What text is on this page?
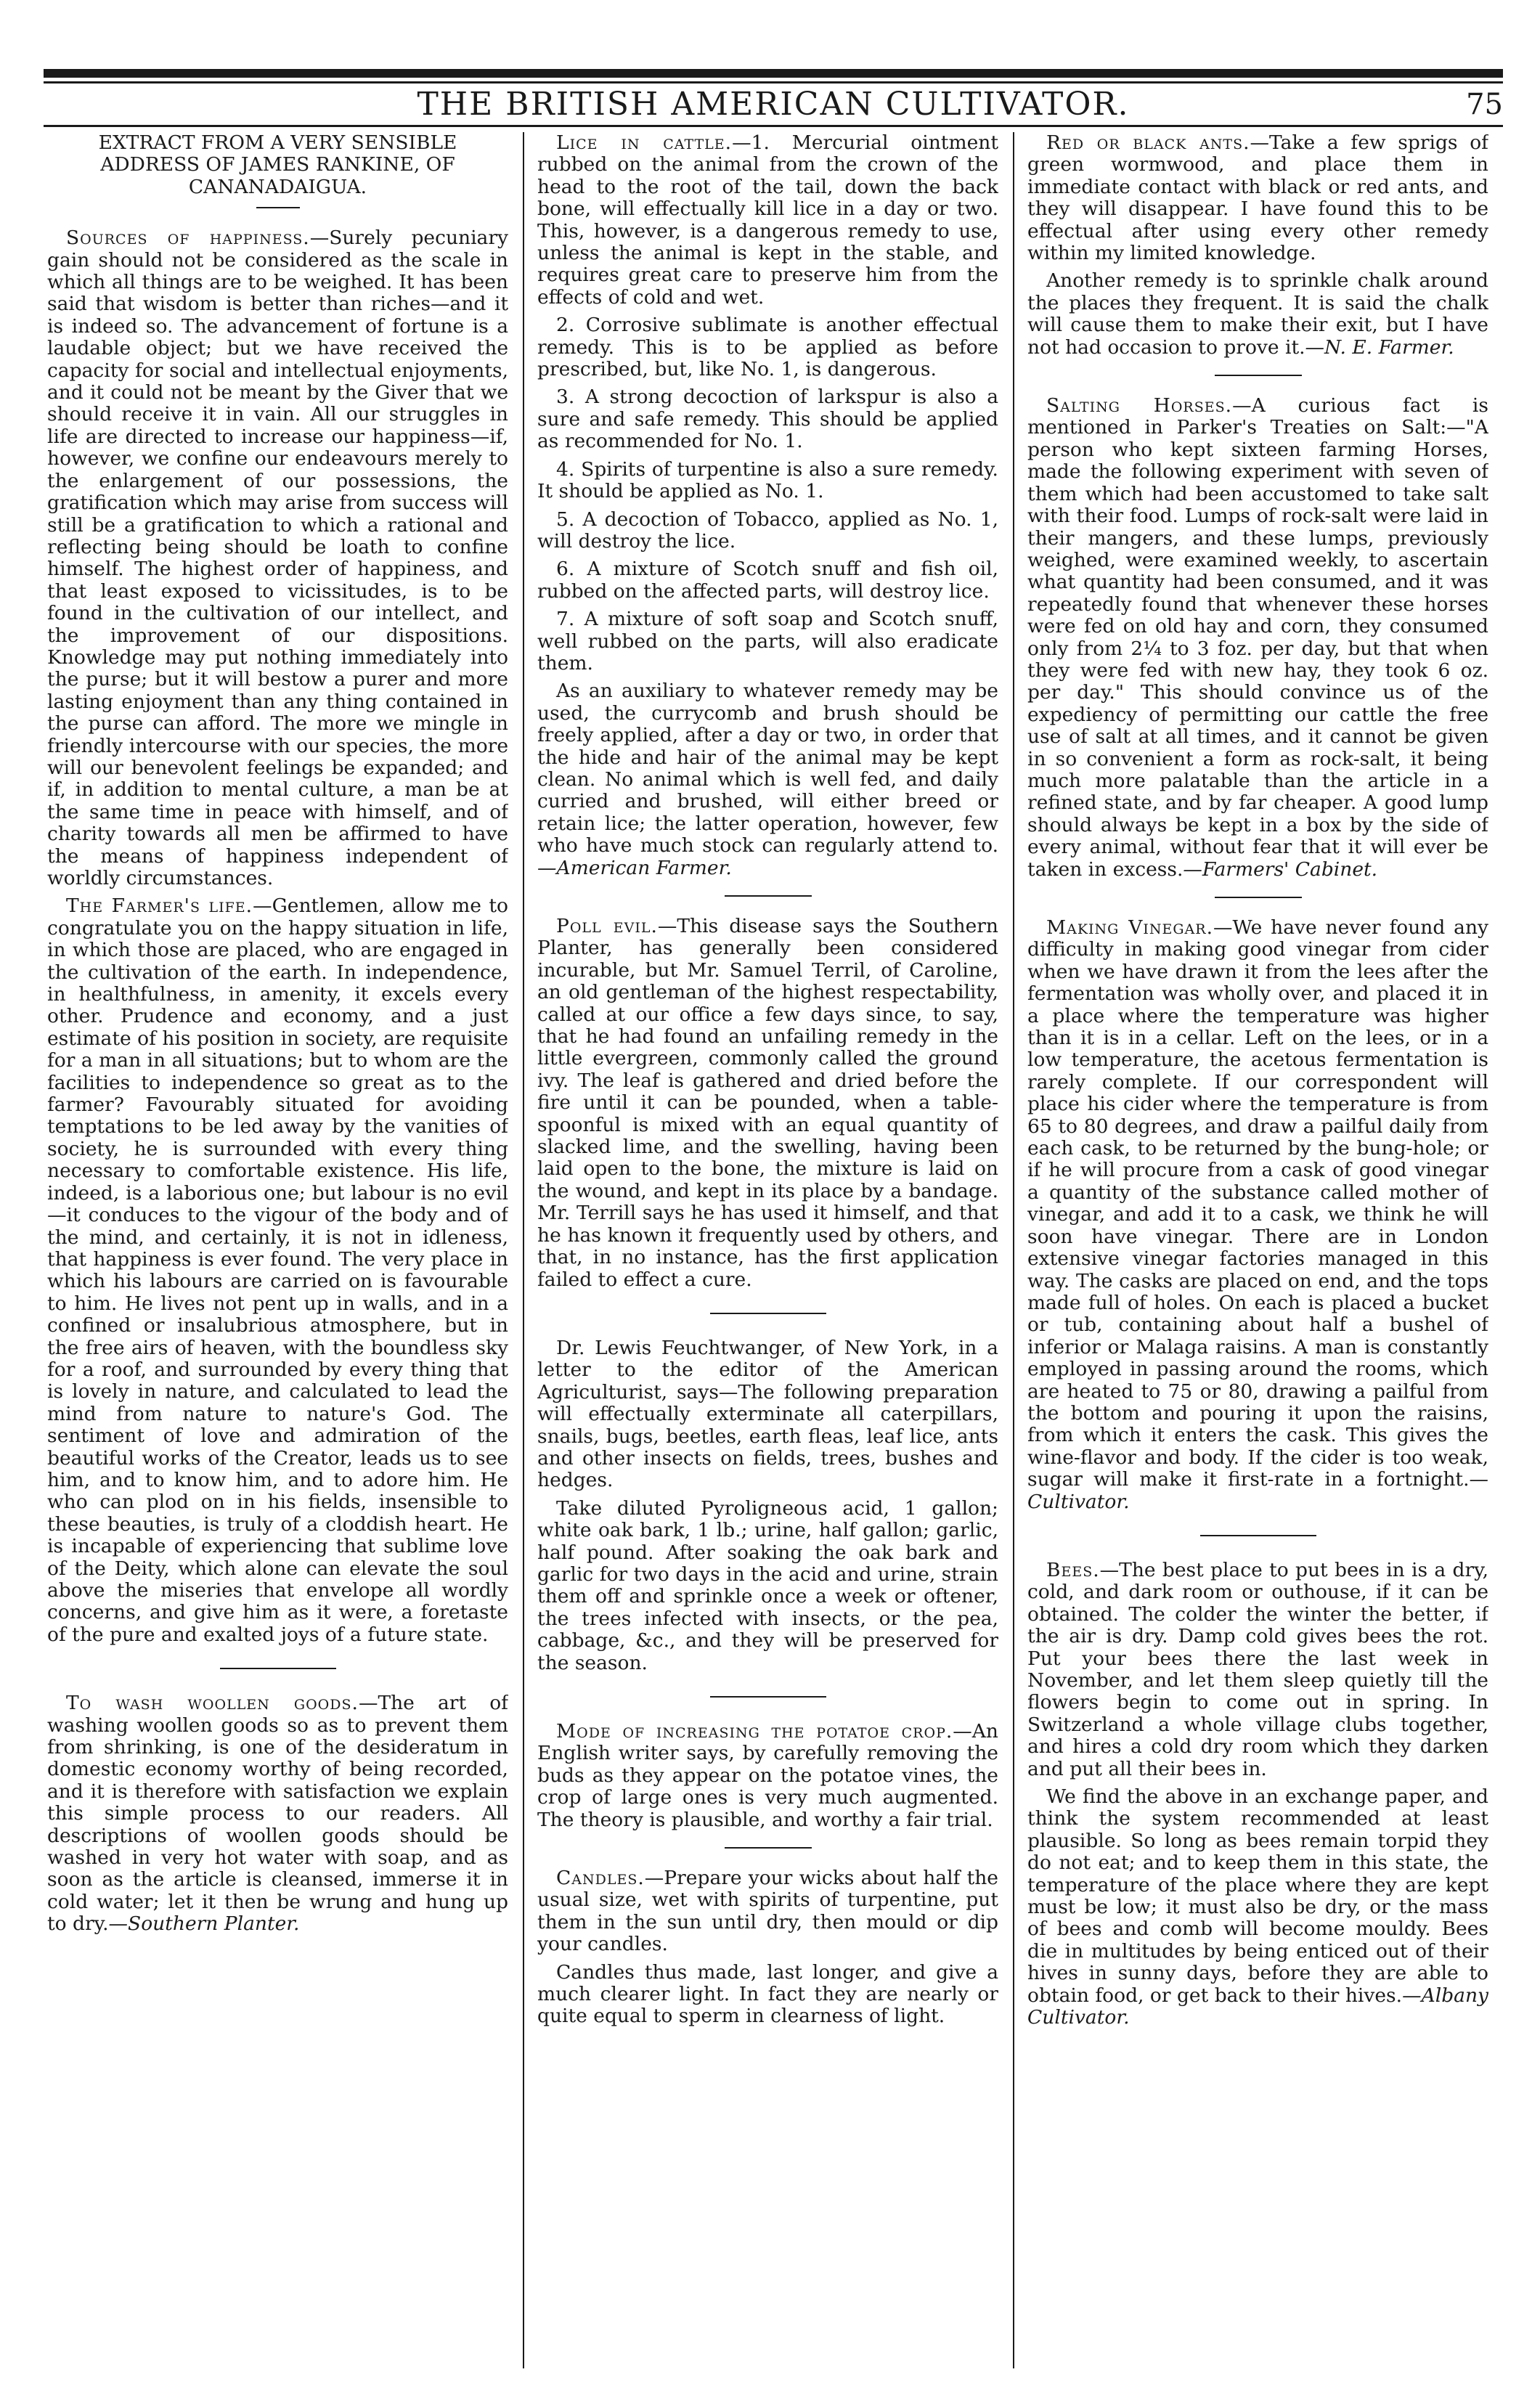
THE BRITISH AMERICAN CULTIVATOR.	75
EXTRACT FROM A VERY SENSIBLE ADDRESS OF JAMES RANKINE, OF CANANADAIGUA.

Sources of happiness.—Surely pecuniary gain should not be considered as the scale in which all things are to be weighed. It has been said that wisdom is better than riches—and it is indeed so. The advancement of fortune is a laudable object; but we have received the capacity for social and intellectual enjoyments, and it could not be meant by the Giver that we should receive it in vain. All our struggles in life are directed to increase our happiness—if, however, we confine our endeavours merely to the enlargement of our possessions, the gratification which may arise from success will still be a gratification to which a rational and reflecting being should be loath to confine himself. The highest order of happiness, and that least exposed to vicissitudes, is to be found in the cultivation of our intellect, and the improvement of our dispositions. Knowledge may put nothing immediately into the purse; but it will bestow a purer and more lasting enjoyment than any thing contained in the purse can afford. The more we mingle in friendly intercourse with our species, the more will our benevolent feelings be expanded; and if, in addition to mental culture, a man be at the same time in peace with himself, and of charity towards all men be affirmed to have the means of happiness independent of worldly circumstances.

The Farmer's life.—Gentlemen, allow me to congratulate you on the happy situation in life, in which those are placed, who are engaged in the cultivation of the earth. In independence, in healthfulness, in amenity, it excels every other. Prudence and economy, and a just estimate of his position in society, are requisite for a man in all situations; but to whom are the facilities to independence so great as to the farmer? Favourably situated for avoiding temptations to be led away by the vanities of society, he is surrounded with every thing necessary to comfortable existence. His life, indeed, is a laborious one; but labour is no evil—it conduces to the vigour of the body and of the mind, and certainly, it is not in idleness, that happiness is ever found. The very place in which his labours are carried on is favourable to him. He lives not pent up in walls, and in a confined or insalubrious atmosphere, but in the free airs of heaven, with the boundless sky for a roof, and surrounded by every thing that is lovely in nature, and calculated to lead the mind from nature to nature's God. The sentiment of love and admiration of the beautiful works of the Creator, leads us to see him, and to know him, and to adore him. He who can plod on in his fields, insensible to these beauties, is truly of a cloddish heart. He is incapable of experiencing that sublime love of the Deity, which alone can elevate the soul above the miseries that envelope all wordly concerns, and give him as it were, a foretaste of the pure and exalted joys of a future state.

To wash woollen goods.—The art of washing woollen goods so as to prevent them from shrinking, is one of the desideratum in domestic economy worthy of being recorded, and it is therefore with satisfaction we explain this simple process to our readers. All descriptions of woollen goods should be washed in very hot water with soap, and as soon as the article is cleansed, immerse it in cold water; let it then be wrung and hung up to dry.—Southern Planter.

Lice in cattle.—1. Mercurial ointment rubbed on the animal from the crown of the head to the root of the tail, down the back bone, will effectually kill lice in a day or two. This, however, is a dangerous remedy to use, unless the animal is kept in the stable, and requires great care to preserve him from the effects of cold and wet.

2. Corrosive sublimate is another effectual remedy. This is to be applied as before prescribed, but, like No. 1, is dangerous.

3. A strong decoction of larkspur is also a sure and safe remedy. This should be applied as recommended for No. 1.

4. Spirits of turpentine is also a sure remedy. It should be applied as No. 1.

5. A decoction of Tobacco, applied as No. 1, will destroy the lice.

6. A mixture of Scotch snuff and fish oil, rubbed on the affected parts, will destroy lice.

7. A mixture of soft soap and Scotch snuff, well rubbed on the parts, will also eradicate them.

As an auxiliary to whatever remedy may be used, the currycomb and brush should be freely applied, after a day or two, in order that the hide and hair of the animal may be kept clean. No animal which is well fed, and daily curried and brushed, will either breed or retain lice; the latter operation, however, few who have much stock can regularly attend to.—American Farmer.

Poll evil.—This disease says the Southern Planter, has generally been considered incurable, but Mr. Samuel Terril, of Caroline, an old gentleman of the highest respectability, called at our office a few days since, to say, that he had found an unfailing remedy in the little evergreen, commonly called the ground ivy. The leaf is gathered and dried before the fire until it can be pounded, when a table-spoonful is mixed with an equal quantity of slacked lime, and the swelling, having been laid open to the bone, the mixture is laid on the wound, and kept in its place by a bandage. Mr. Terrill says he has used it himself, and that he has known it frequently used by others, and that, in no instance, has the first application failed to effect a cure.

Dr. Lewis Feuchtwanger, of New York, in a letter to the editor of the American Agriculturist, says—The following preparation will effectually exterminate all caterpillars, snails, bugs, beetles, earth fleas, leaf lice, ants and other insects on fields, trees, bushes and hedges.

Take diluted Pyroligneous acid, 1 gallon; white oak bark, 1 lb.; urine, half gallon; garlic, half pound. After soaking the oak bark and garlic for two days in the acid and urine, strain them off and sprinkle once a week or oftener, the trees infected with insects, or the pea, cabbage, &c., and they will be preserved for the season.

Mode of increasing the potatoe crop.—An English writer says, by carefully removing the buds as they appear on the potatoe vines, the crop of large ones is very much augmented. The theory is plausible, and worthy a fair trial.

Candles.—Prepare your wicks about half the usual size, wet with spirits of turpentine, put them in the sun until dry, then mould or dip your candles.

Candles thus made, last longer, and give a much clearer light. In fact they are nearly or quite equal to sperm in clearness of light.

Red or black ants.—Take a few sprigs of green wormwood, and place them in immediate contact with black or red ants, and they will disappear. I have found this to be effectual after using every other remedy within my limited knowledge.

Another remedy is to sprinkle chalk around the places they frequent. It is said the chalk will cause them to make their exit, but I have not had occasion to prove it.—N. E. Farmer.

Salting Horses.—A curious fact is mentioned in Parker's Treaties on Salt:—"A person who kept sixteen farming Horses, made the following experiment with seven of them which had been accustomed to take salt with their food. Lumps of rock-salt were laid in their mangers, and these lumps, previously weighed, were examined weekly, to ascertain what quantity had been consumed, and it was repeatedly found that whenever these horses were fed on old hay and corn, they consumed only from 2¼ to 3 foz. per day, but that when they were fed with new hay, they took 6 oz. per day." This should convince us of the expediency of permitting our cattle the free use of salt at all times, and it cannot be given in so convenient a form as rock-salt, it being much more palatable than the article in a refined state, and by far cheaper. A good lump should always be kept in a box by the side of every animal, without fear that it will ever be taken in excess.—Farmers' Cabinet.

Making Vinegar.—We have never found any difficulty in making good vinegar from cider when we have drawn it from the lees after the fermentation was wholly over, and placed it in a place where the temperature was higher than it is in a cellar. Left on the lees, or in a low temperature, the acetous fermentation is rarely complete. If our correspondent will place his cider where the temperature is from 65 to 80 degrees, and draw a pailful daily from each cask, to be returned by the bung-hole; or if he will procure from a cask of good vinegar a quantity of the substance called mother of vinegar, and add it to a cask, we think he will soon have vinegar. There are in London extensive vinegar factories managed in this way. The casks are placed on end, and the tops made full of holes. On each is placed a bucket or tub, containing about half a bushel of inferior or Malaga raisins. A man is constantly employed in passing around the rooms, which are heated to 75 or 80, drawing a pailful from the bottom and pouring it upon the raisins, from which it enters the cask. This gives the wine-flavor and body. If the cider is too weak, sugar will make it first-rate in a fortnight.—Cultivator.

Bees.—The best place to put bees in is a dry, cold, and dark room or outhouse, if it can be obtained. The colder the winter the better, if the air is dry. Damp cold gives bees the rot. Put your bees there the last week in November, and let them sleep quietly till the flowers begin to come out in spring. In Switzerland a whole village clubs together, and hires a cold dry room which they darken and put all their bees in.

We find the above in an exchange paper, and think the system recommended at least plausible. So long as bees remain torpid they do not eat; and to keep them in this state, the temperature of the place where they are kept must be low; it must also be dry, or the mass of bees and comb will become mouldy. Bees die in multitudes by being enticed out of their hives in sunny days, before they are able to obtain food, or get back to their hives.—Albany Cultivator.
